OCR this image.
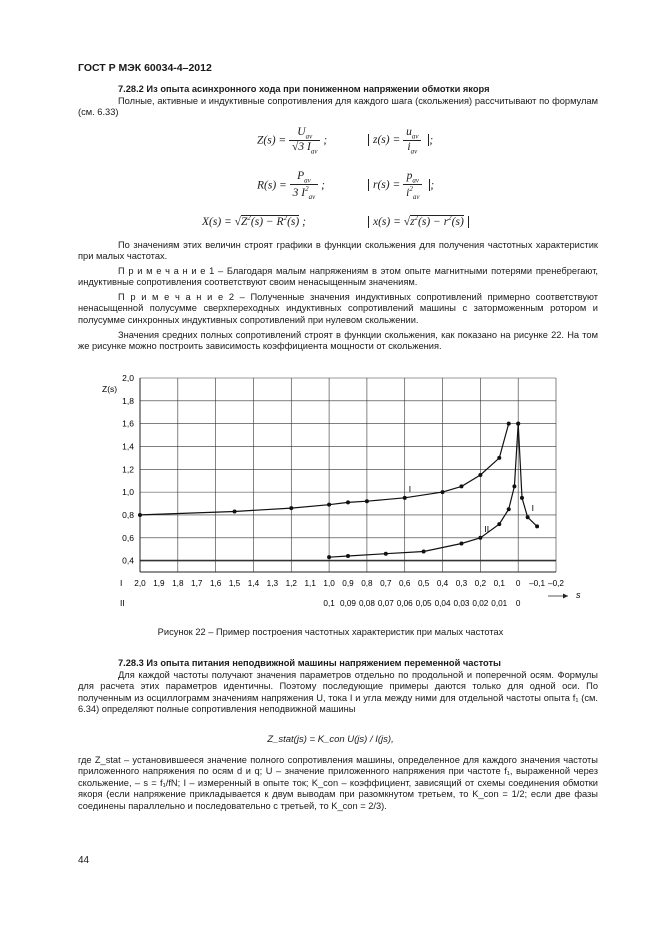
ГОСТ Р МЭК 60034-4–2012
7.28.2 Из опыта асинхронного хода при пониженном напряжении обмотки якоря
Полные, активные и индуктивные сопротивления для каждого шага (скольжения) рассчитывают по формулам (см. 6.33)
$Z(s) = \frac{U_{av}}{√3 I_{av}}$ ;	$z(s) = \frac{u_{av}}{i_{av}}$ ;
$R(s) = \frac{P_{av}}{3 I^2_{av}}$ ;	$r(s) = \frac{p_{av}}{i^2_{av}}$ ;
$X(s) = √Z^2(s) - R^2(s)$ ;	$x(s) = √z^2(s) - r^2(s)$
По значениям этих величин строят графики в функции скольжения для получения частотных характеристик при малых частотах.
П р и м е ч а н и е 1 – Благодаря малым напряжениям в этом опыте магнитными потерями пренебрегают, индуктивные сопротивления соответствуют своим ненасыщенным значениям.
П р и м е ч а н и е 2 – Полученные значения индуктивных сопротивлений примерно соответствуют ненасыщенной полусумме сверхпереходных индуктивных сопротивлений машины с заторможенным ротором и полусумме синхронных индуктивных сопротивлений при нулевом скольжении.
Значения средних полных сопротивлений строят в функции скольжения, как показано на рисунке 22. На том же рисунке можно построить зависимость коэффициента мощности от скольжения.
2,0
1,8
1,6
1,4
1,2
1,0
0,8
0,6
0,4
Z(s)
I 2,0 1,9 1,8 1,7 1,6 1,5 1,4 1,3 1,2 1,1 1,0 0,9 0,8 0,7 0,6 0,5 0,4 0,3 0,2 0,1 0 –0,1 –0,2
II	0,1 0,09 0,08 0,07 0,06 0,05 0,04 0,03 0,02 0,01 0
s
I
II
I
Рисунок 22 – Пример построения частотных характеристик при малых частотах
7.28.3 Из опыта питания неподвижной машины напряжением переменной частоты
Для каждой частоты получают значения параметров отдельно по продольной и поперечной осям. Формулы для расчета этих параметров идентичны. Поэтому последующие примеры даются только для одной оси. По полученным из осциллограмм значениям напряжения U, тока I и угла между ними для отдельной частоты опыта f₁ (см. 6.34) определяют полные сопротивления неподвижной машины
Z_stat(js) = K_con U(js) / I(js),
где Z_stat – установившееся значение полного сопротивления машины, определенное для каждого значения частоты приложенного напряжения по осям d и q; U – значение приложенного напряжения при частоте f₁, выраженной через скольжение, – s = f₁/fN; I – измеренный в опыте ток; K_con – коэффициент, зависящий от схемы соединения обмотки якоря (если напряжение прикладывается к двум выводам при разомкнутом третьем, то K_con = 1/2; если две фазы соединены параллельно и последовательно с третьей, то K_con = 2/3).
44
